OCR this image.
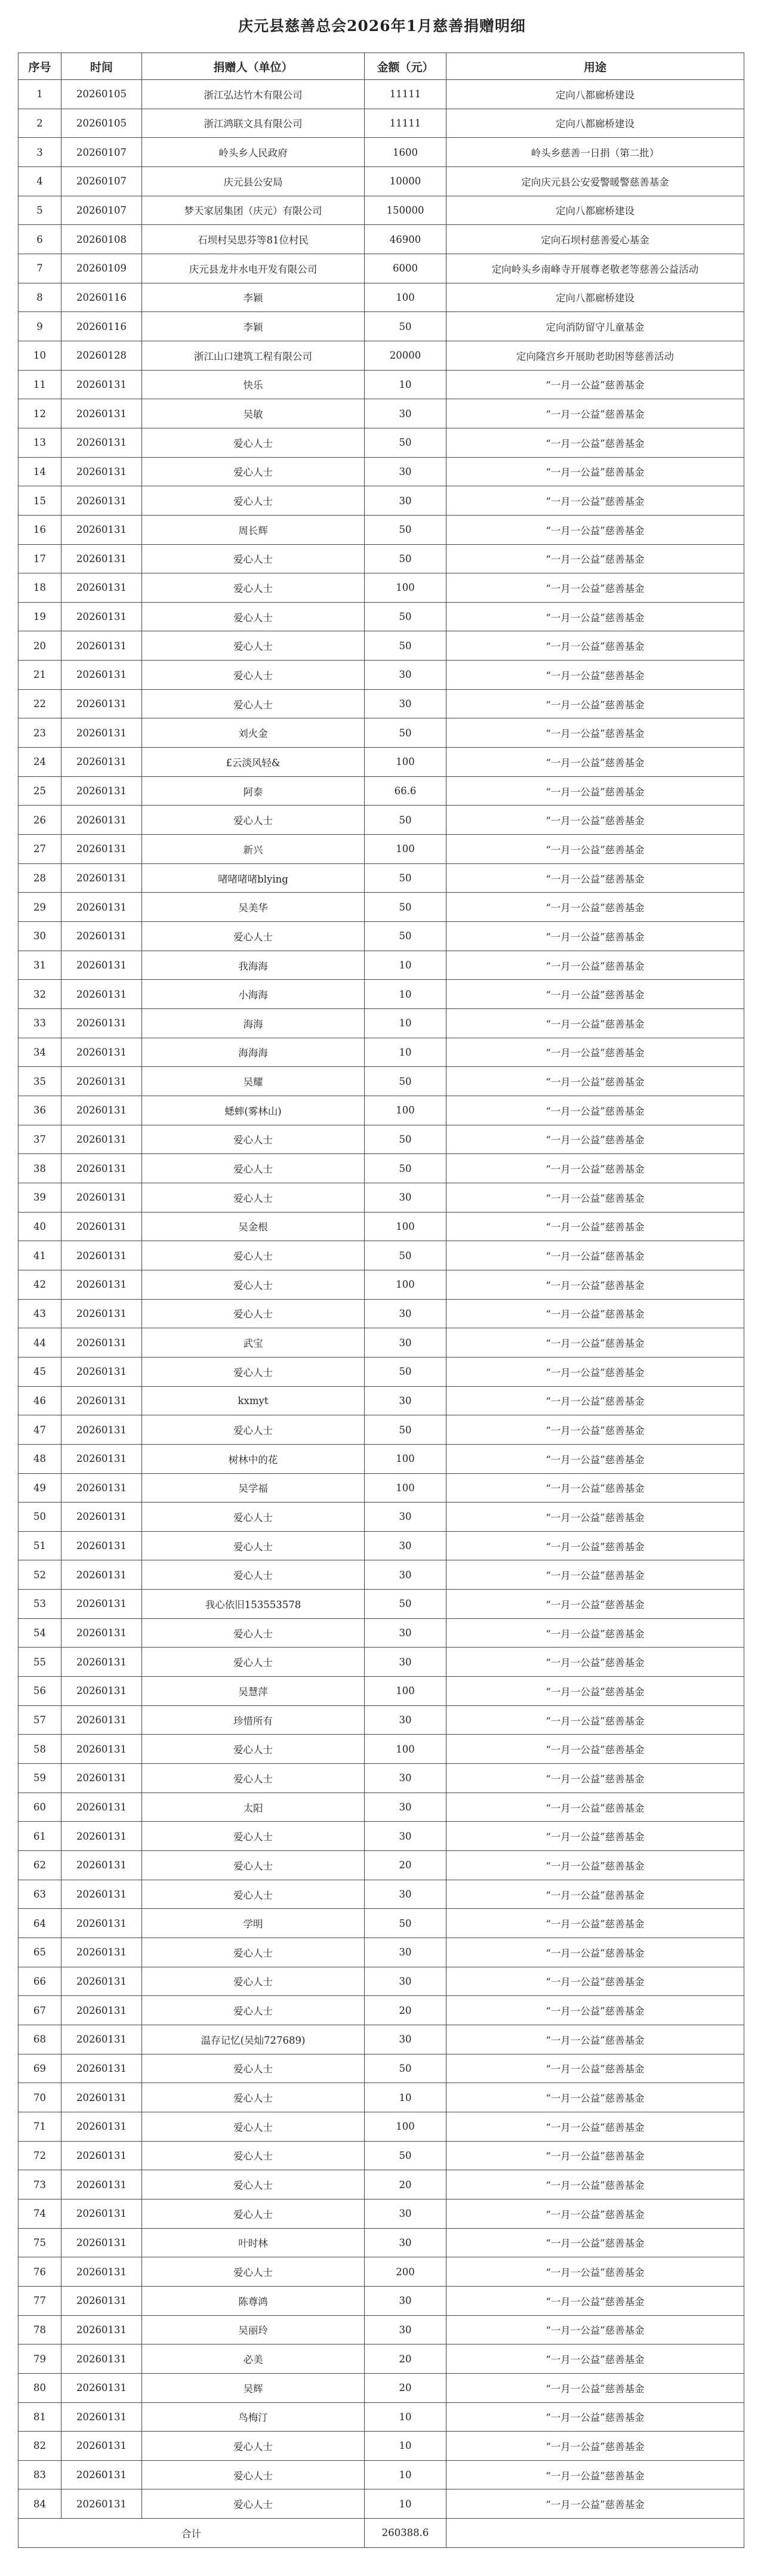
庆元县慈善总会2026年1月慈善捐赠明细
序号	时间	捐赠人（单位）	金额（元）	用途
1	20260105	浙江弘达竹木有限公司	11111	定向八都廊桥建设
2	20260105	浙江鸿联文具有限公司	11111	定向八都廊桥建设
3	20260107	岭头乡人民政府	1600	岭头乡慈善一日捐（第二批）
4	20260107	庆元县公安局	10000	定向庆元县公安爱警暖警慈善基金
5	20260107	梦天家居集团（庆元）有限公司	150000	定向八都廊桥建设
6	20260108	石坝村吴思芬等81位村民	46900	定向石坝村慈善爱心基金
7	20260109	庆元县龙井水电开发有限公司	6000	定向岭头乡南峰寺开展尊老敬老等慈善公益活动
8	20260116	李颖	100	定向八都廊桥建设
9	20260116	李颖	50	定向消防留守儿童基金
10	20260128	浙江山口建筑工程有限公司	20000	定向隆宫乡开展助老助困等慈善活动
11	20260131	快乐	10	“一月一公益”慈善基金
12	20260131	吴敏	30	“一月一公益”慈善基金
13	20260131	爱心人士	50	“一月一公益”慈善基金
14	20260131	爱心人士	30	“一月一公益”慈善基金
15	20260131	爱心人士	30	“一月一公益”慈善基金
16	20260131	周长辉	50	“一月一公益”慈善基金
17	20260131	爱心人士	50	“一月一公益”慈善基金
18	20260131	爱心人士	100	“一月一公益”慈善基金
19	20260131	爱心人士	50	“一月一公益”慈善基金
20	20260131	爱心人士	50	“一月一公益”慈善基金
21	20260131	爱心人士	30	“一月一公益”慈善基金
22	20260131	爱心人士	30	“一月一公益”慈善基金
23	20260131	刘火金	50	“一月一公益”慈善基金
24	20260131	£云淡风轻&	100	“一月一公益”慈善基金
25	20260131	阿泰	66.6	“一月一公益”慈善基金
26	20260131	爱心人士	50	“一月一公益”慈善基金
27	20260131	新兴	100	“一月一公益”慈善基金
28	20260131	啫啫啫啫blying	50	“一月一公益”慈善基金
29	20260131	吴美华	50	“一月一公益”慈善基金
30	20260131	爱心人士	50	“一月一公益”慈善基金
31	20260131	我海海	10	“一月一公益”慈善基金
32	20260131	小海海	10	“一月一公益”慈善基金
33	20260131	海海	10	“一月一公益”慈善基金
34	20260131	海海海	10	“一月一公益”慈善基金
35	20260131	吴耀	50	“一月一公益”慈善基金
36	20260131	蟋蟀(雾林山)	100	“一月一公益”慈善基金
37	20260131	爱心人士	50	“一月一公益”慈善基金
38	20260131	爱心人士	50	“一月一公益”慈善基金
39	20260131	爱心人士	30	“一月一公益”慈善基金
40	20260131	吴金根	100	“一月一公益”慈善基金
41	20260131	爱心人士	50	“一月一公益”慈善基金
42	20260131	爱心人士	100	“一月一公益”慈善基金
43	20260131	爱心人士	30	“一月一公益”慈善基金
44	20260131	武宝	30	“一月一公益”慈善基金
45	20260131	爱心人士	50	“一月一公益”慈善基金
46	20260131	kxmyt	30	“一月一公益”慈善基金
47	20260131	爱心人士	50	“一月一公益”慈善基金
48	20260131	树林中的花	100	“一月一公益”慈善基金
49	20260131	吴学福	100	“一月一公益”慈善基金
50	20260131	爱心人士	30	“一月一公益”慈善基金
51	20260131	爱心人士	30	“一月一公益”慈善基金
52	20260131	爱心人士	30	“一月一公益”慈善基金
53	20260131	我心依旧153553578	50	“一月一公益”慈善基金
54	20260131	爱心人士	30	“一月一公益”慈善基金
55	20260131	爱心人士	30	“一月一公益”慈善基金
56	20260131	吴慧萍	100	“一月一公益”慈善基金
57	20260131	珍惜所有	30	“一月一公益”慈善基金
58	20260131	爱心人士	100	“一月一公益”慈善基金
59	20260131	爱心人士	30	“一月一公益”慈善基金
60	20260131	太阳	30	“一月一公益”慈善基金
61	20260131	爱心人士	30	“一月一公益”慈善基金
62	20260131	爱心人士	20	“一月一公益”慈善基金
63	20260131	爱心人士	30	“一月一公益”慈善基金
64	20260131	学明	50	“一月一公益”慈善基金
65	20260131	爱心人士	30	“一月一公益”慈善基金
66	20260131	爱心人士	30	“一月一公益”慈善基金
67	20260131	爱心人士	20	“一月一公益”慈善基金
68	20260131	温存记忆(吴灿727689)	30	“一月一公益”慈善基金
69	20260131	爱心人士	50	“一月一公益”慈善基金
70	20260131	爱心人士	10	“一月一公益”慈善基金
71	20260131	爱心人士	100	“一月一公益”慈善基金
72	20260131	爱心人士	50	“一月一公益”慈善基金
73	20260131	爱心人士	20	“一月一公益”慈善基金
74	20260131	爱心人士	30	“一月一公益”慈善基金
75	20260131	叶时林	30	“一月一公益”慈善基金
76	20260131	爱心人士	200	“一月一公益”慈善基金
77	20260131	陈尊鸿	30	“一月一公益”慈善基金
78	20260131	吴丽玲	30	“一月一公益”慈善基金
79	20260131	必美	20	“一月一公益”慈善基金
80	20260131	吴辉	20	“一月一公益”慈善基金
81	20260131	鸟梅汀	10	“一月一公益”慈善基金
82	20260131	爱心人士	10	“一月一公益”慈善基金
83	20260131	爱心人士	10	“一月一公益”慈善基金
84	20260131	爱心人士	10	“一月一公益”慈善基金
合计			260388.6	
